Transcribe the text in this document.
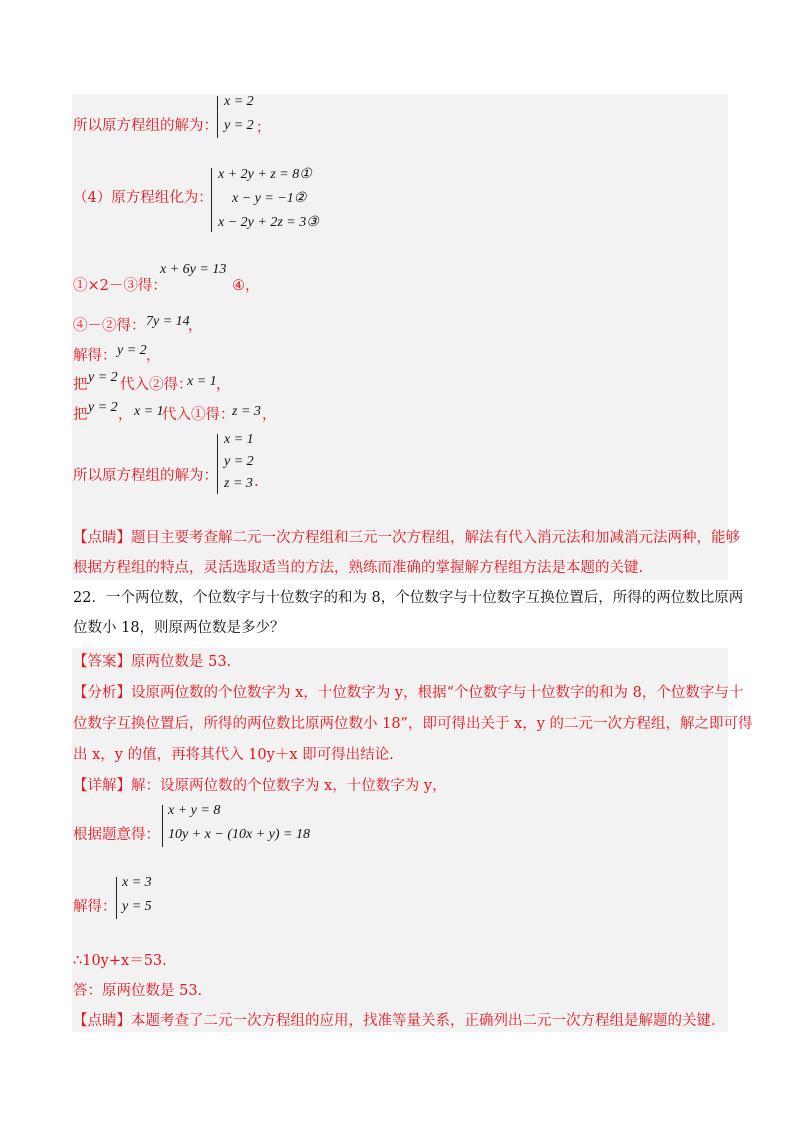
所以原方程组的解为：
x = 2
y = 2 ；
（4）原方程组化为：
x + 2y + z = 8①
x − y = −1②
x − 2y + 2z = 3③
①×2－③得：
x + 6y = 13
④，
④－②得： 7y = 14
，
解得： y = 2 ，
把 y = 2 代入②得：
x = 1 ，
把 y = 2 ， x = 1
代入①得：
z = 3 ，
所以原方程组的解为：
x = 1
y = 2
z = 3 .
【点睛】题目主要考查解二元一次方程组和三元一次方程组，解法有代入消元法和加减消元法两种，能够
根据方程组的特点，灵活选取适当的方法，熟练而准确的掌握解方程组方法是本题的关键.
22．一个两位数，个位数字与十位数字的和为 8，个位数字与十位数字互换位置后，所得的两位数比原两
位数小 18，则原两位数是多少？
【答案】原两位数是 53.
【分析】设原两位数的个位数字为 x，十位数字为 y，根据“个位数字与十位数字的和为 8，个位数字与十
位数字互换位置后，所得的两位数比原两位数小 18”，即可得出关于 x，y 的二元一次方程组，解之即可得
出 x，y 的值，再将其代入 10y＋x 即可得出结论.
【详解】解：设原两位数的个位数字为 x，十位数字为 y，
根据题意得：
x + y = 8
10y + x − (10x + y) = 18
解得：
x = 3
y = 5
∴10y+x＝53.
答：原两位数是 53.
【点睛】本题考查了二元一次方程组的应用，找准等量关系，正确列出二元一次方程组是解题的关键.
